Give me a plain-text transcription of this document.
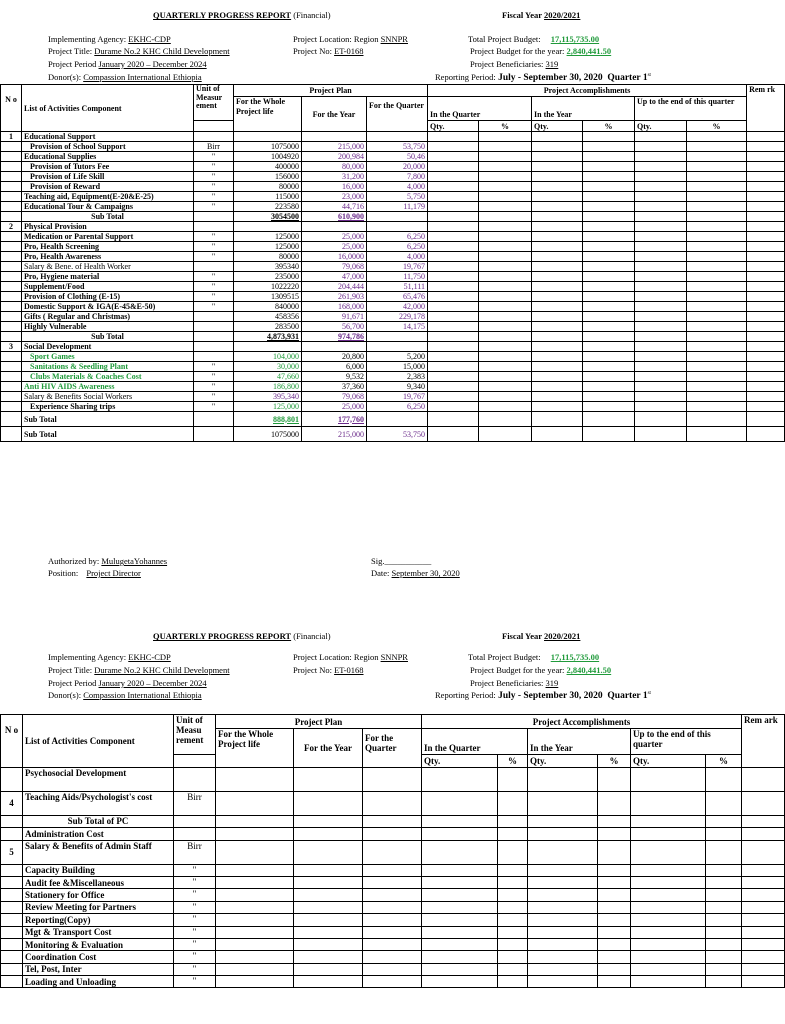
QUARTERLY PROGRESS REPORT (Financial)	Fiscal Year 2020/2021
Implementing Agency: EKHC-CDP
Project Title: Durame No.2 KHC Child Development
Project Period January 2020 – December 2024
Donor(s): Compassion International Ethiopia
Project Location: Region SNNPR
Project No: ET-0168
Total Project Budget: 17,115,735.00
Project Budget for the year: 2,840,441.50
Project Beneficiaries: 319
Reporting Period: July - September 30, 2020 Quarter 1st
N o	List of Activities Component	Unit of Measur ement	Project Plan			Project Accomplishments						Rem rk
			For the Whole Project life	For the Year	For the Quarter					Up to the end of this quarter		
						In the Quarter		In the Year				
						Qty.	%	Qty.	%	Qty.	%	
1	Educational Support											
	Provision of School Support	Birr	1075000	215,000	53,750							
	Educational Supplies	"	1004920	200,984	50,46							
	Provision of Tutors Fee	"	400000	80,000	20,000							
	Provision of Life Skill	"	156000	31,200	7,800							
	Provision of Reward	"	80000	16,000	4,000							
	Teaching aid, Equipment(E-20&E-25)	"	115000	23,000	5,750							
	Educational Tour & Campaigns	"	223580	44,716	11,179							
	Sub Total		3054500	610,900								
2	Physical Provision											
	Medication or Parental Support	"	125000	25,000	6,250							
	Pro, Health Screening	"	125000	25,000	6,250							
	Pro, Health Awareness	"	80000	16,0000	4,000							
	Salary & Bene. of Health Worker		395340	79,068	19,767							
	Pro, Hygiene material	"	235000	47,000	11,750							
	Supplement/Food	"	1022220	204,444	51,111							
	Provision of Clothing (E-15)	"	1309515	261,903	65,476							
	Domestic Support & IGA(E-45&E-50)	"	840000	168,000	42,000							
	Gifts ( Regular and Christmas)		458356	91,671	229,178							
	Highly Vulnerable		283500	56,700	14,175							
	Sub Total		4,873,931	974,786								
3	Social Development											
	Sport Games		104,000	20,800	5,200							
	Sanitations & Seedling Plant	"	30,000	6,000	15,000							
	Clubs Materials & Coaches Cost	"	47,660	9,532	2,383							
	Anti HIV AIDS Awareness	"	186,800	37,360	9,340							
	Salary & Benefits Social Workers	"	395,340	79,068	19,767							
	Experience Sharing trips	"	125,000	25,000	6,250							
	Sub Total		888,801	177,760								
	Sub Total		1075000	215,000	53,750							
Authorized by: MulugetaYohannes
Position: Project Director
Sig.___________
Date: September 30, 2020
QUARTERLY PROGRESS REPORT (Financial)	Fiscal Year 2020/2021
Implementing Agency: EKHC-CDP
Project Title: Durame No.2 KHC Child Development
Project Period January 2020 – December 2024
Donor(s): Compassion International Ethiopia
Project Location: Region SNNPR
Project No: ET-0168
Total Project Budget: 17,115,735.00
Project Budget for the year: 2,840,441.50
Project Beneficiaries: 319
Reporting Period: July - September 30, 2020 Quarter 1st
N o	List of Activities Component	Unit of Measu rement	Project Plan			Project Accomplishments						Rem ark
			For the Whole Project life	For the Year	For the Quarter					Up to the end of this quarter		
						In the Quarter		In the Year				
						Qty.	%	Qty.	%	Qty.	%	
	Psychosocial Development											
4	Teaching Aids/Psychologist's cost	Birr										
	Sub Total of PC											
	Administration Cost											
5	Salary & Benefits of Admin Staff	Birr										
	Capacity Building	"										
	Audit fee &Miscellaneous	"										
	Stationery for Office	"										
	Review Meeting for Partners	"										
	Reporting(Copy)	"										
	Mgt & Transport Cost	"										
	Monitoring & Evaluation	"										
	Coordination Cost	"										
	Tel, Post, Inter	"										
	Loading and Unloading	"										
